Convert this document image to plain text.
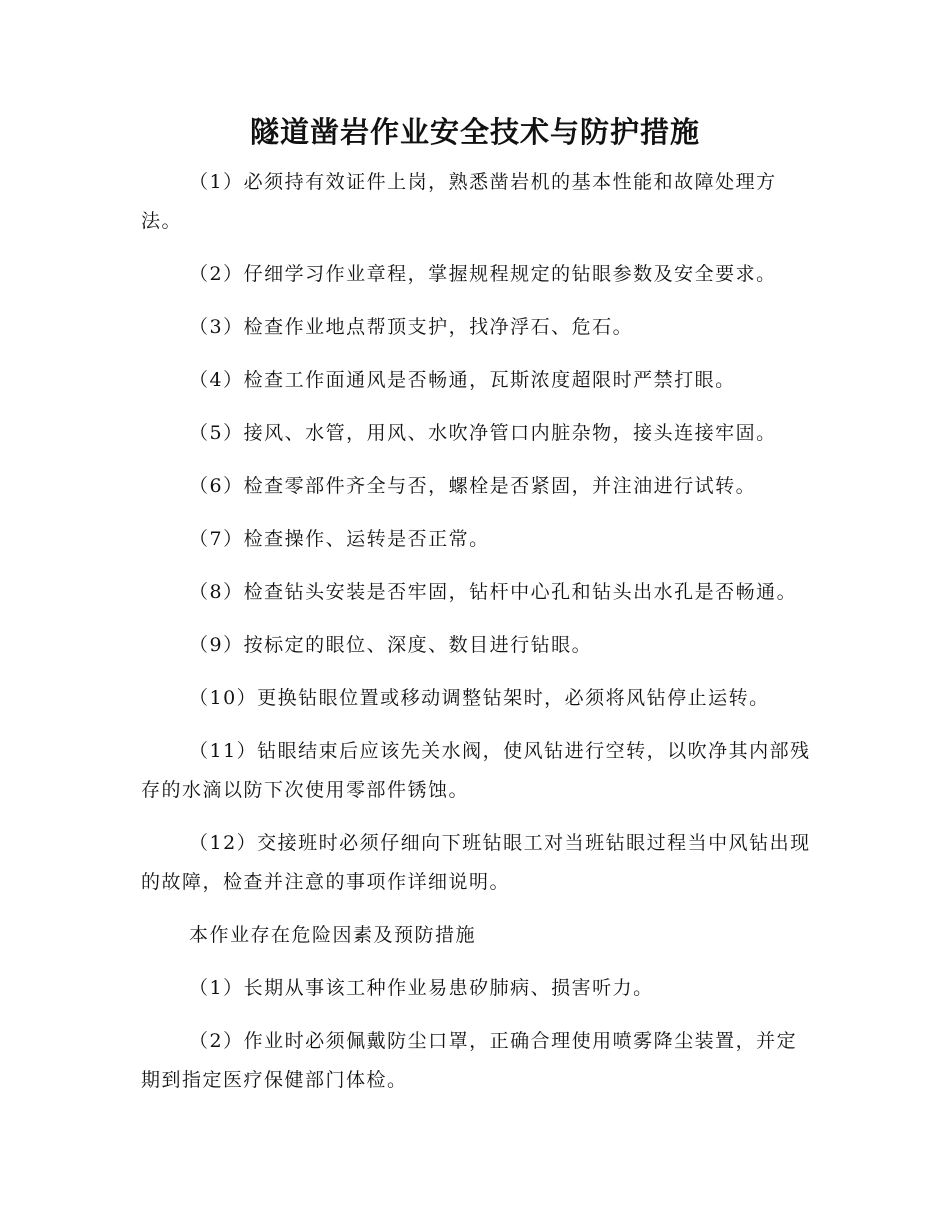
隧道凿岩作业安全技术与防护措施

（1）必须持有效证件上岗，熟悉凿岩机的基本性能和故障处理方法。

（2）仔细学习作业章程，掌握规程规定的钻眼参数及安全要求。

（3）检查作业地点帮顶支护，找净浮石、危石。

（4）检查工作面通风是否畅通，瓦斯浓度超限时严禁打眼。

（5）接风、水管，用风、水吹净管口内脏杂物，接头连接牢固。

（6）检查零部件齐全与否，螺栓是否紧固，并注油进行试转。

（7）检查操作、运转是否正常。

（8）检查钻头安装是否牢固，钻杆中心孔和钻头出水孔是否畅通。

（9）按标定的眼位、深度、数目进行钻眼。

（10）更换钻眼位置或移动调整钻架时，必须将风钻停止运转。

（11）钻眼结束后应该先关水阀，使风钻进行空转，以吹净其内部残存的水滴以防下次使用零部件锈蚀。

（12）交接班时必须仔细向下班钻眼工对当班钻眼过程当中风钻出现的故障，检查并注意的事项作详细说明。

本作业存在危险因素及预防措施

（1）长期从事该工种作业易患矽肺病、损害听力。

（2）作业时必须佩戴防尘口罩，正确合理使用喷雾降尘装置，并定期到指定医疗保健部门体检。
